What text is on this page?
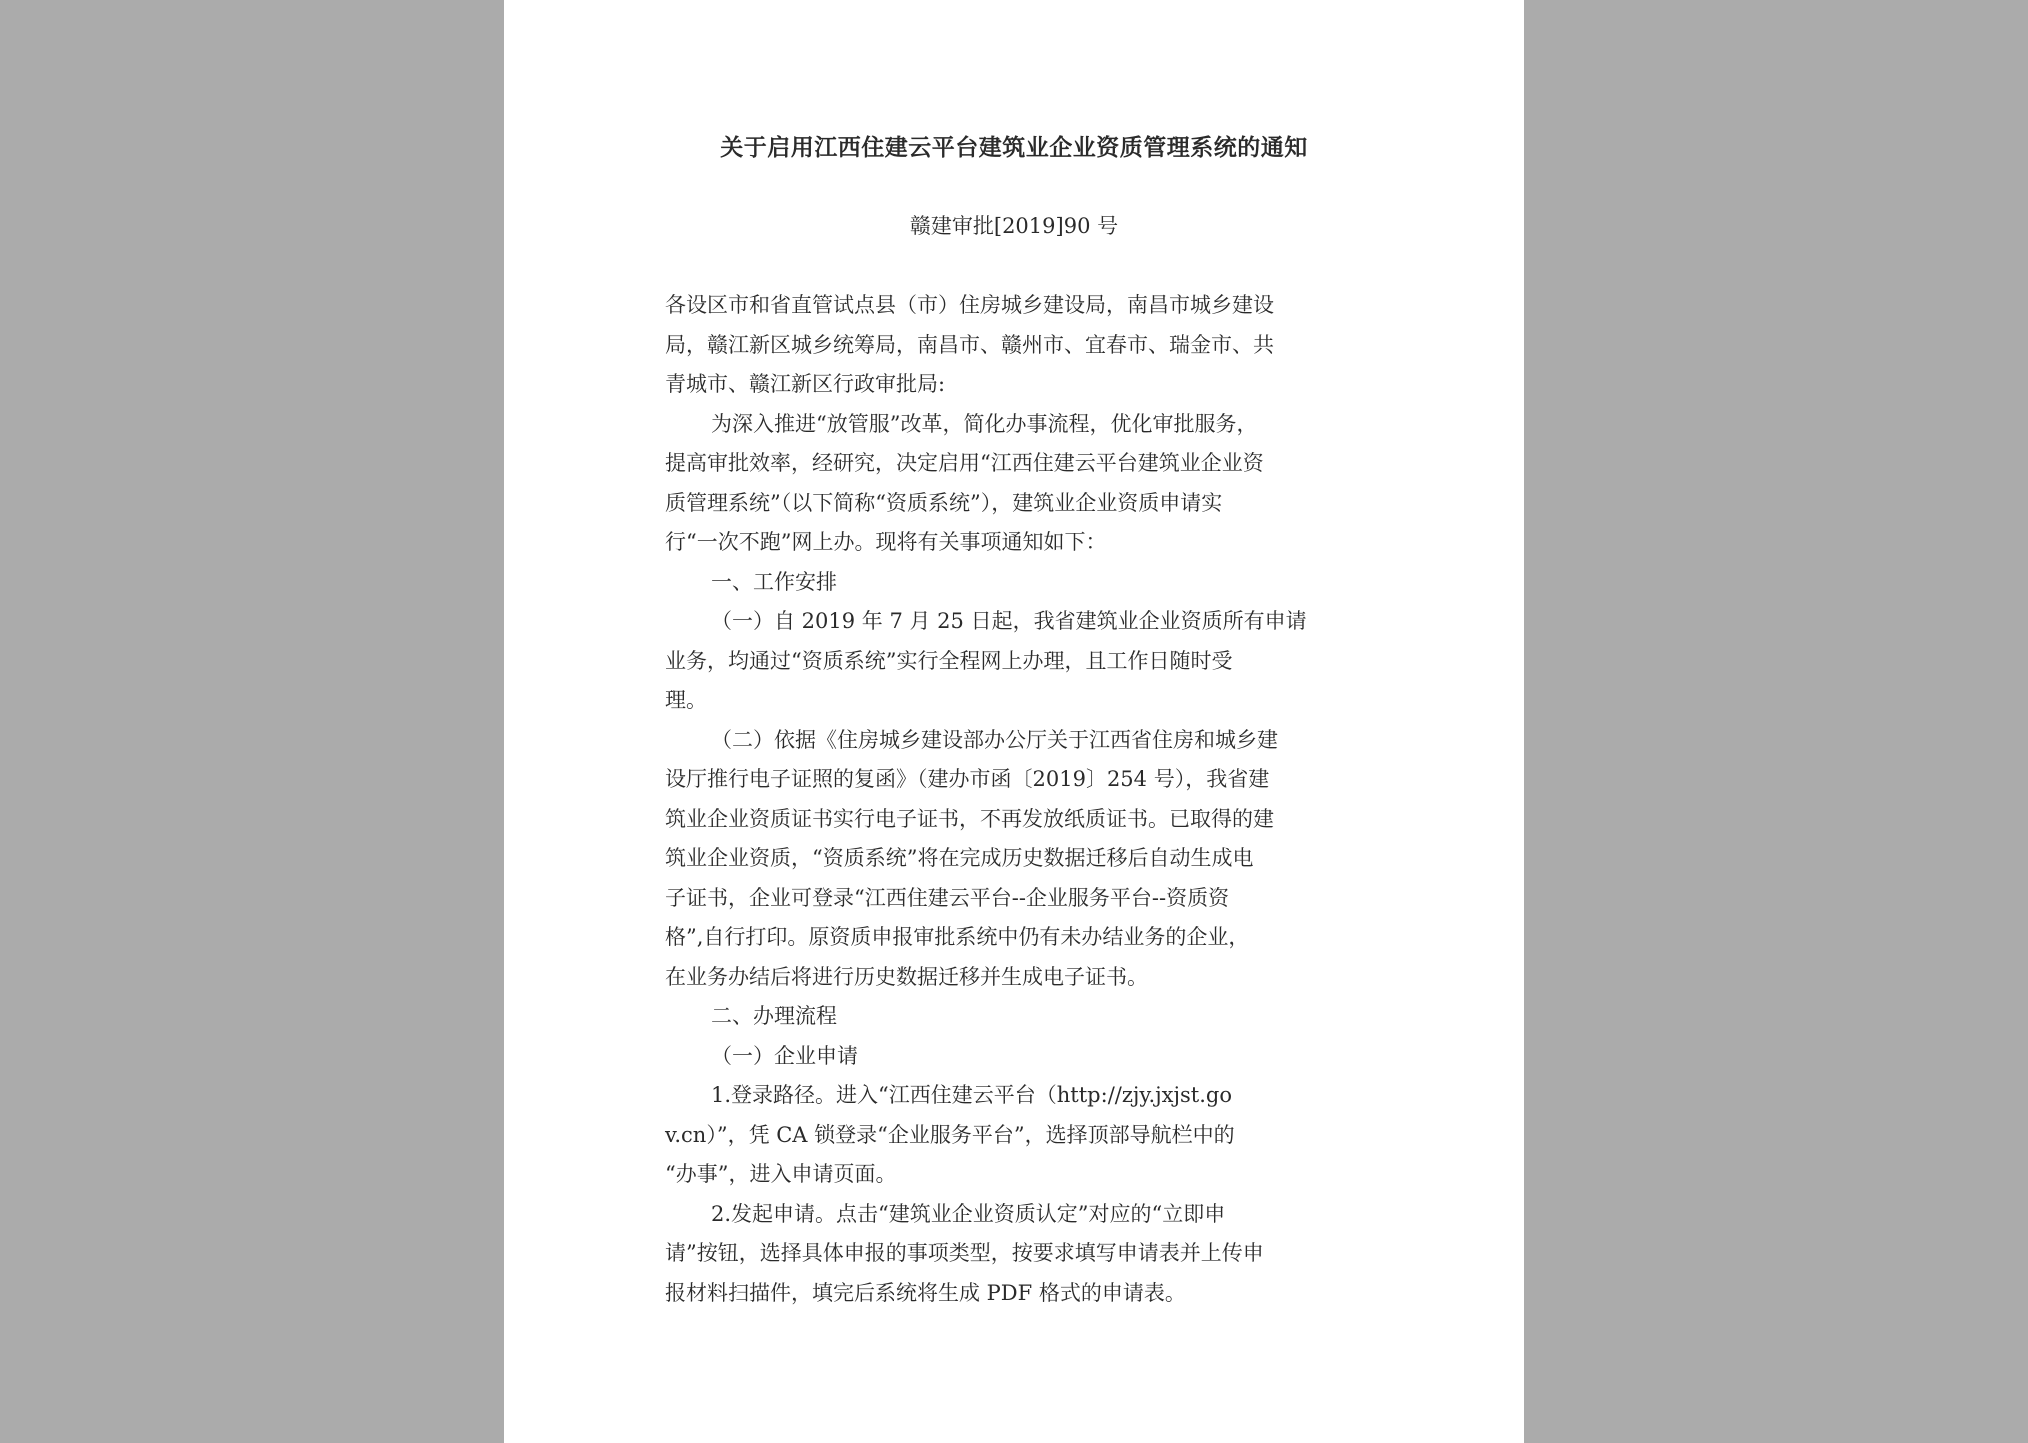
关于启用江西住建云平台建筑业企业资质管理系统的通知
赣建审批[2019]90 号
各设区市和省直管试点县（市）住房城乡建设局，南昌市城乡建设
局，赣江新区城乡统筹局，南昌市、赣州市、宜春市、瑞金市、共
青城市、赣江新区行政审批局:
为深入推进“放管服”改革，简化办事流程，优化审批服务，
提高审批效率，经研究，决定启用“江西住建云平台建筑业企业资
质管理系统”（以下简称“资质系统”），建筑业企业资质申请实
行“一次不跑”网上办。现将有关事项通知如下：
一、工作安排
（一）自 2019 年 7 月 25 日起，我省建筑业企业资质所有申请
业务，均通过“资质系统”实行全程网上办理，且工作日随时受
理。
（二）依据《住房城乡建设部办公厅关于江西省住房和城乡建
设厅推行电子证照的复函》（建办市函〔2019〕254 号），我省建
筑业企业资质证书实行电子证书，不再发放纸质证书。已取得的建
筑业企业资质，“资质系统”将在完成历史数据迁移后自动生成电
子证书，企业可登录“江西住建云平台--企业服务平台--资质资
格”,自行打印。原资质申报审批系统中仍有未办结业务的企业，
在业务办结后将进行历史数据迁移并生成电子证书。
二、办理流程
（一）企业申请
1.登录路径。进入“江西住建云平台（http://zjy.jxjst.go
v.cn）”，凭 CA 锁登录“企业服务平台”，选择顶部导航栏中的
“办事”，进入申请页面。
2.发起申请。点击“建筑业企业资质认定”对应的“立即申
请”按钮，选择具体申报的事项类型，按要求填写申请表并上传申
报材料扫描件，填完后系统将生成 PDF 格式的申请表。
